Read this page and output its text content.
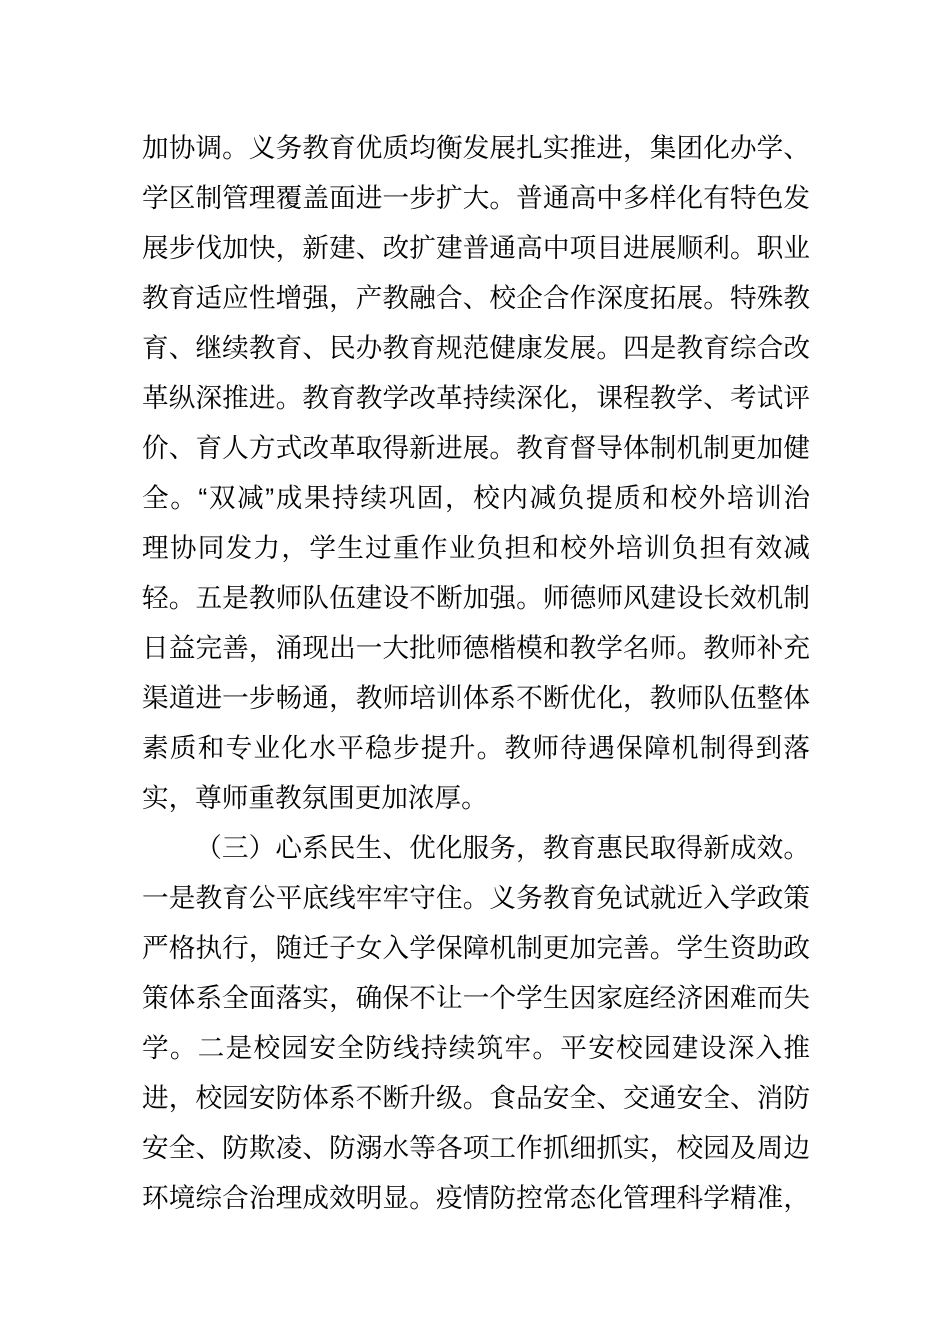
加协调。义务教育优质均衡发展扎实推进，集团化办学、
学区制管理覆盖面进一步扩大。普通高中多样化有特色发
展步伐加快，新建、改扩建普通高中项目进展顺利。职业
教育适应性增强，产教融合、校企合作深度拓展。特殊教
育、继续教育、民办教育规范健康发展。四是教育综合改
革纵深推进。教育教学改革持续深化，课程教学、考试评
价、育人方式改革取得新进展。教育督导体制机制更加健
全。“双减”成果持续巩固，校内减负提质和校外培训治
理协同发力，学生过重作业负担和校外培训负担有效减
轻。五是教师队伍建设不断加强。师德师风建设长效机制
日益完善，涌现出一大批师德楷模和教学名师。教师补充
渠道进一步畅通，教师培训体系不断优化，教师队伍整体
素质和专业化水平稳步提升。教师待遇保障机制得到落
实，尊师重教氛围更加浓厚。
（三）心系民生、优化服务，教育惠民取得新成效。
一是教育公平底线牢牢守住。义务教育免试就近入学政策
严格执行，随迁子女入学保障机制更加完善。学生资助政
策体系全面落实，确保不让一个学生因家庭经济困难而失
学。二是校园安全防线持续筑牢。平安校园建设深入推
进，校园安防体系不断升级。食品安全、交通安全、消防
安全、防欺凌、防溺水等各项工作抓细抓实，校园及周边
环境综合治理成效明显。疫情防控常态化管理科学精准，
